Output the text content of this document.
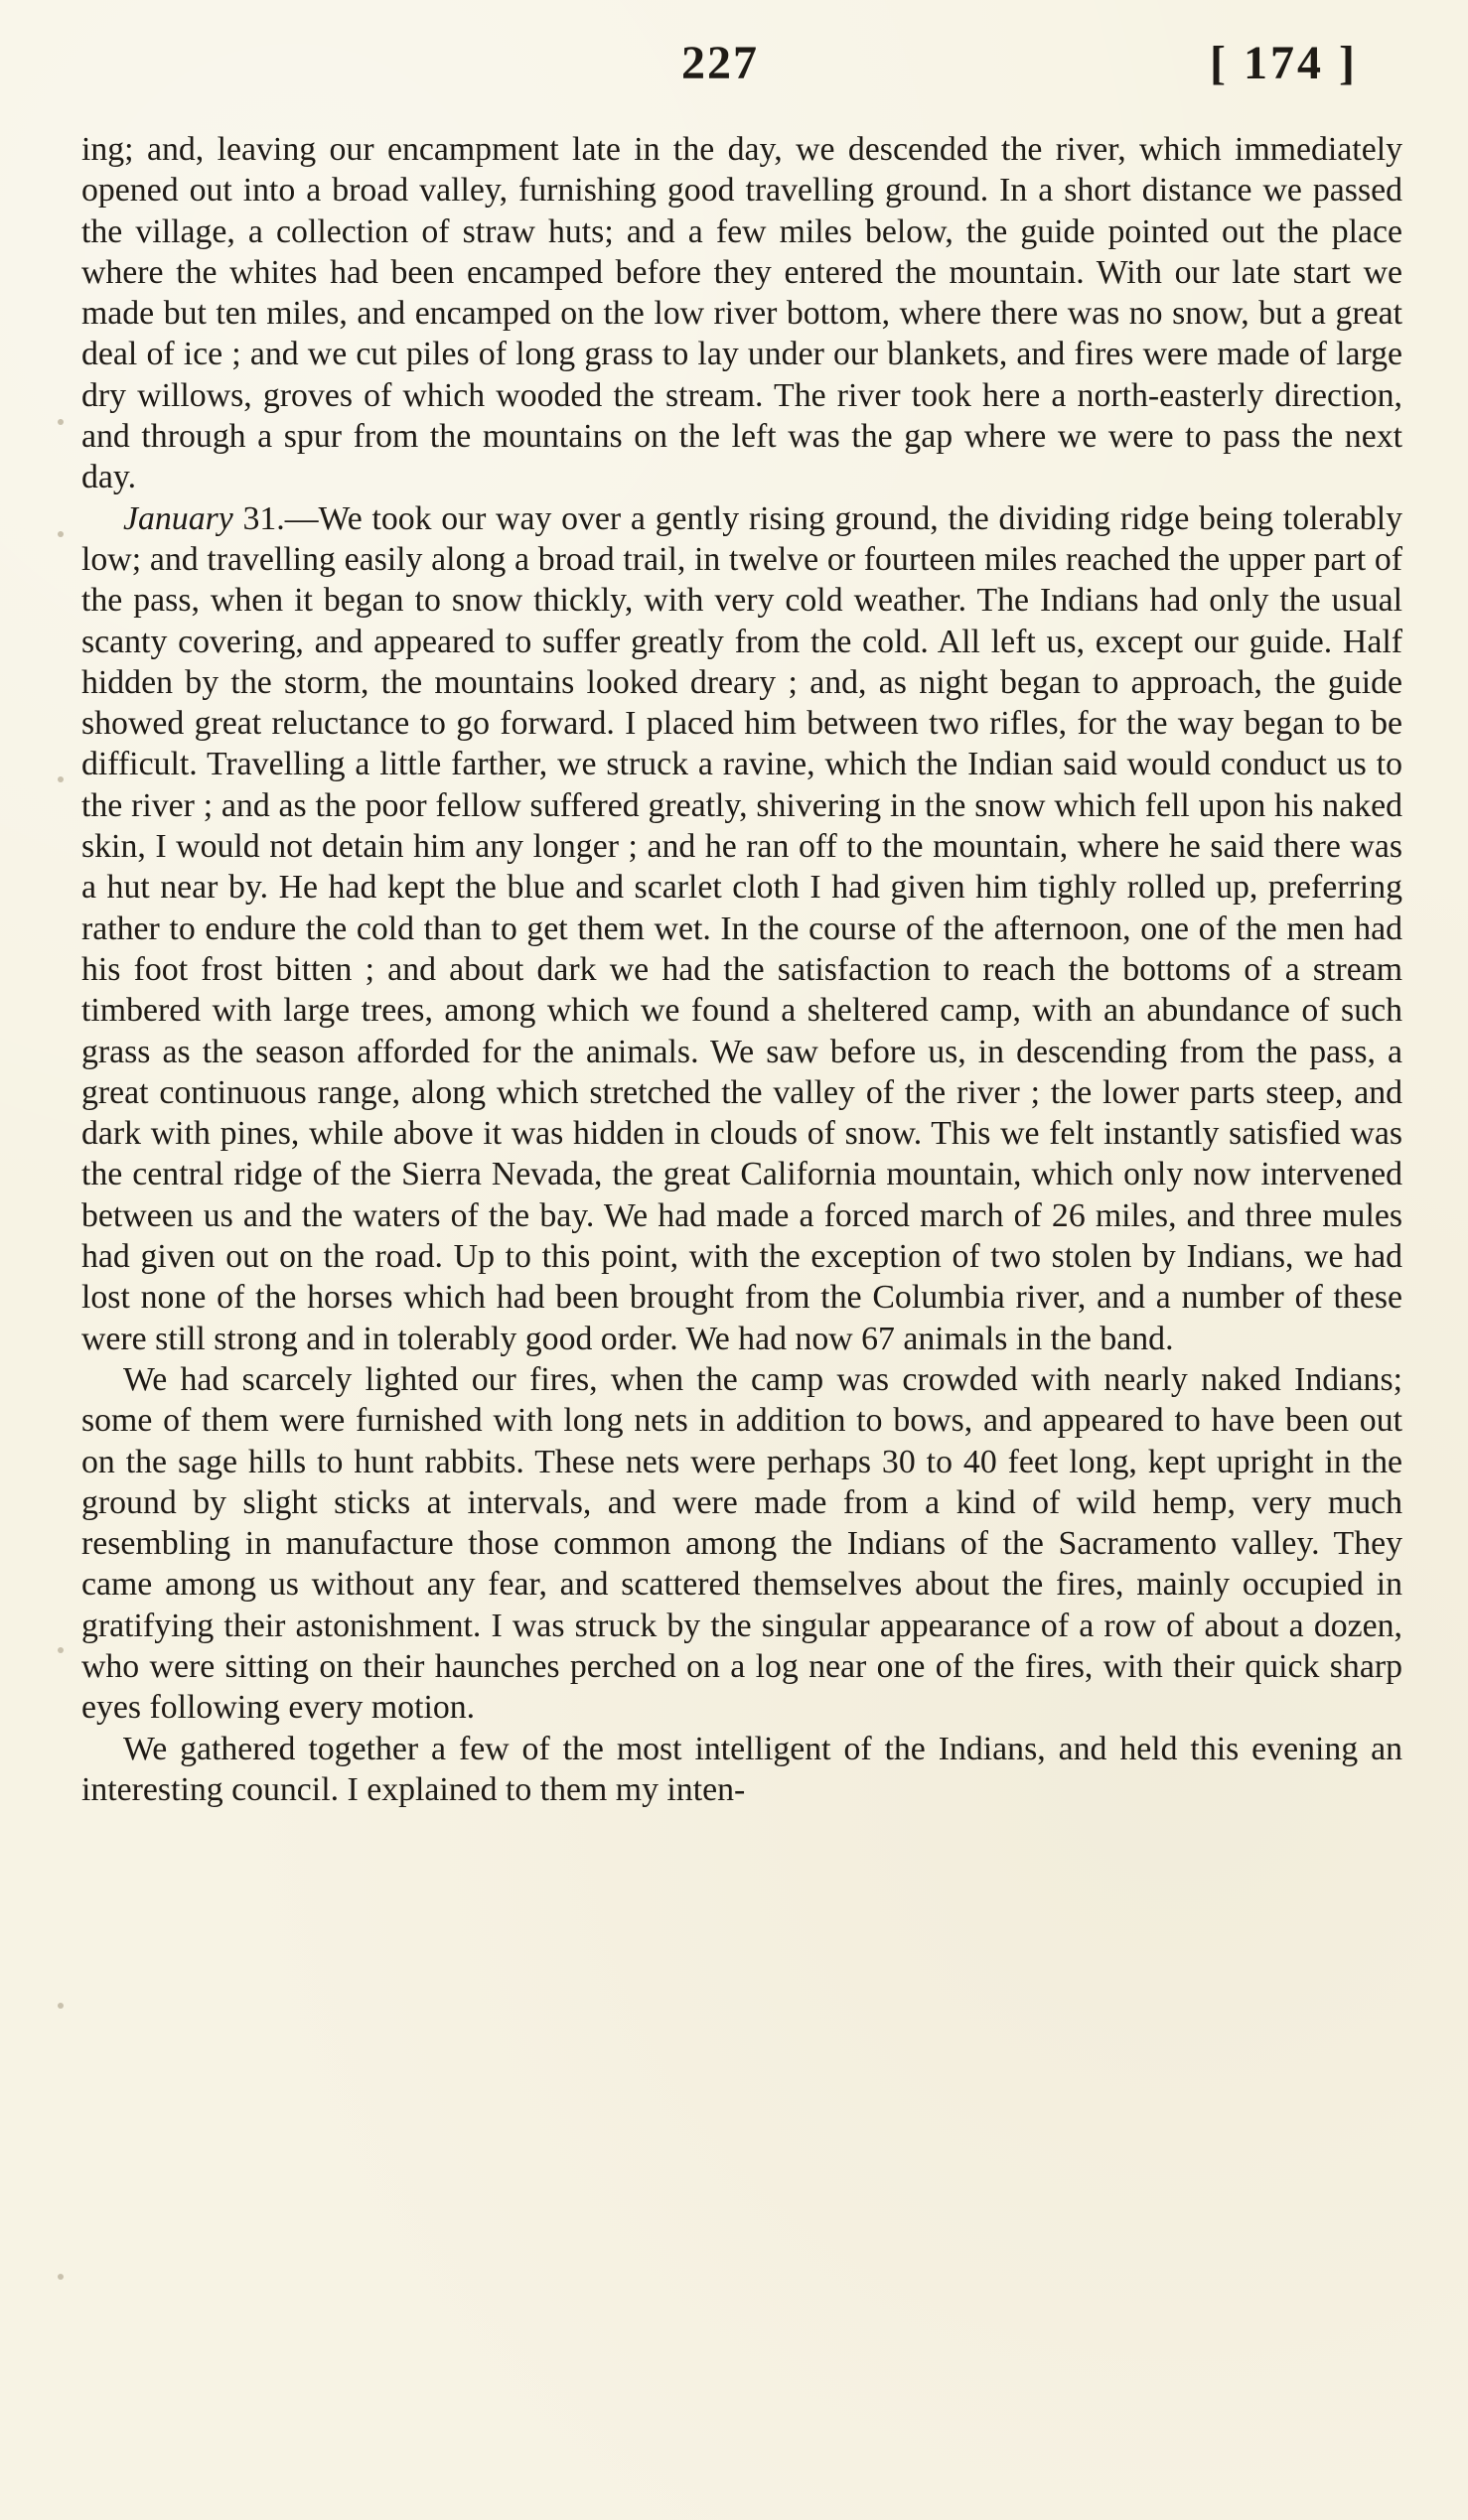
227	[ 174 ]

ing; and, leaving our encampment late in the day, we descended the river, which immediately opened out into a broad valley, furnishing good travelling ground. In a short distance we passed the village, a collection of straw huts; and a few miles below, the guide pointed out the place where the whites had been encamped before they entered the mountain. With our late start we made but ten miles, and encamped on the low river bottom, where there was no snow, but a great deal of ice ; and we cut piles of long grass to lay under our blankets, and fires were made of large dry willows, groves of which wooded the stream. The river took here a north-easterly direction, and through a spur from the mountains on the left was the gap where we were to pass the next day.

January 31.—We took our way over a gently rising ground, the dividing ridge being tolerably low; and travelling easily along a broad trail, in twelve or fourteen miles reached the upper part of the pass, when it began to snow thickly, with very cold weather. The Indians had only the usual scanty covering, and appeared to suffer greatly from the cold. All left us, except our guide. Half hidden by the storm, the mountains looked dreary ; and, as night began to approach, the guide showed great reluctance to go forward. I placed him between two rifles, for the way began to be difficult. Travelling a little farther, we struck a ravine, which the Indian said would conduct us to the river ; and as the poor fellow suffered greatly, shivering in the snow which fell upon his naked skin, I would not detain him any longer ; and he ran off to the mountain, where he said there was a hut near by. He had kept the blue and scarlet cloth I had given him tighly rolled up, preferring rather to endure the cold than to get them wet. In the course of the afternoon, one of the men had his foot frost bitten ; and about dark we had the satisfaction to reach the bottoms of a stream timbered with large trees, among which we found a sheltered camp, with an abundance of such grass as the season afforded for the animals. We saw before us, in descending from the pass, a great continuous range, along which stretched the valley of the river ; the lower parts steep, and dark with pines, while above it was hidden in clouds of snow. This we felt instantly satisfied was the central ridge of the Sierra Nevada, the great California mountain, which only now intervened between us and the waters of the bay. We had made a forced march of 26 miles, and three mules had given out on the road. Up to this point, with the exception of two stolen by Indians, we had lost none of the horses which had been brought from the Columbia river, and a number of these were still strong and in tolerably good order. We had now 67 animals in the band.

We had scarcely lighted our fires, when the camp was crowded with nearly naked Indians; some of them were furnished with long nets in addition to bows, and appeared to have been out on the sage hills to hunt rabbits. These nets were perhaps 30 to 40 feet long, kept upright in the ground by slight sticks at intervals, and were made from a kind of wild hemp, very much resembling in manufacture those common among the Indians of the Sacramento valley. They came among us without any fear, and scattered themselves about the fires, mainly occupied in gratifying their astonishment. I was struck by the singular appearance of a row of about a dozen, who were sitting on their haunches perched on a log near one of the fires, with their quick sharp eyes following every motion.

We gathered together a few of the most intelligent of the Indians, and held this evening an interesting council. I explained to them my inten-
